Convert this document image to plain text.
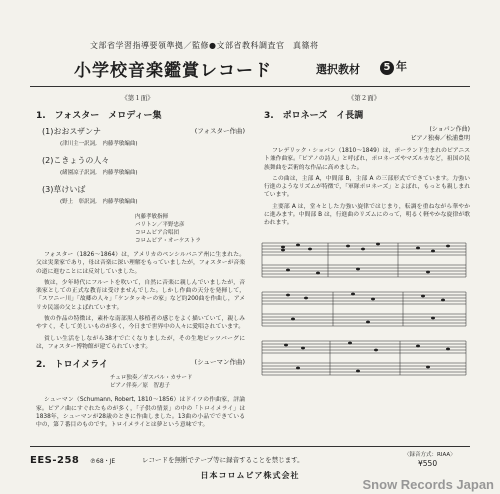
文部省学習指導要領準拠／監修●文部省教科調査官　真篠将
小学校音楽鑑賞レコード	選択教材	5 年
《第１面》
1.　フォスター　メロディー集
(1)おおスザンナ	(フォスター作曲)
(津川主一訳詞,　内藤孝敏編曲)
(2)こきょうの人々
(緒園凉子訳詞,　内藤孝敏編曲)
(3)草けいば
(野上　彰訳詞,　内藤孝敏編曲)
内藤孝敏指揮
バリトン／平野忠彦
コロムビア合唱団
コロムビア・オーケストラ

フォスター（1826～1864）は，アメリカのペンシルバニア州に生まれた。父は実業家であり，母は音楽に深い理解をもっていましたが，フォスターが音楽の道に進むことには反対していました。

彼は，少年時代にフルートを吹いて，自然に音楽に親しんでいましたが，音楽家としての正式な教育は受けませんでした。しかし作曲の天分を発揮して，「スワニー川」「故郷の人々」「ケンタッキーの家」など約200曲を作曲し，アメリカ民謡の父とよばれています。

彼の作品の特徴は，素朴な南部黒人移植者の感じをよく描いていて，親しみやすく，そして美しいものが多く，今日まで世界中の人々に愛唱されています。

貧しい生活をしながら38才で亡くなりましたが，その生地ピッツバーグには，フォスター博物館が建てられています。

2.　トロイメライ	(シューマン作曲)
チェロ独奏／ガスパル・カサード
ピアノ伴奏／原　智恵子

シューマン（Schumann, Robert, 1810～1856）はドイツの作曲家，評論家。ピアノ曲にすぐれたものが多く，「子供の情景」の中の「トロイメライ」は1838年，シューマンが28歳のときに作曲しました。13曲の小品でできている中の，第７番目のものです。トロイメライとは夢という意味です。

《第２面》
3.　ポロネーズ　イ長調
(ショパン作曲)
ピアノ独奏／松浦豊明

フレデリック・ショパン（1810～1849）は，ポーランド生まれのピアニスト兼作曲家。「ピアノの詩人」と呼ばれ，ポロネーズやマズルカなど，祖国の民族舞曲を芸術的な作品に高めました。

この曲は，主部 A，中間部 B，主部 A の三部形式でできています。力強い行進のようなリズムが特徴で，「軍隊ポロネーズ」とよばれ，もっとも親しまれています。

主要部 A は，堂々とした力強い旋律ではじまり，転調を重ねながら華やかに進みます。中間部 B は，行進曲のリズムにのって，明るく軽やかな旋律が歌われます。

EES-258 ℗68・JE	レコードを無断でテープ等に録音することを禁じます。
〈録音方式：RIAA〉
¥550
日本コロムビア株式会社
Snow Records Japan
